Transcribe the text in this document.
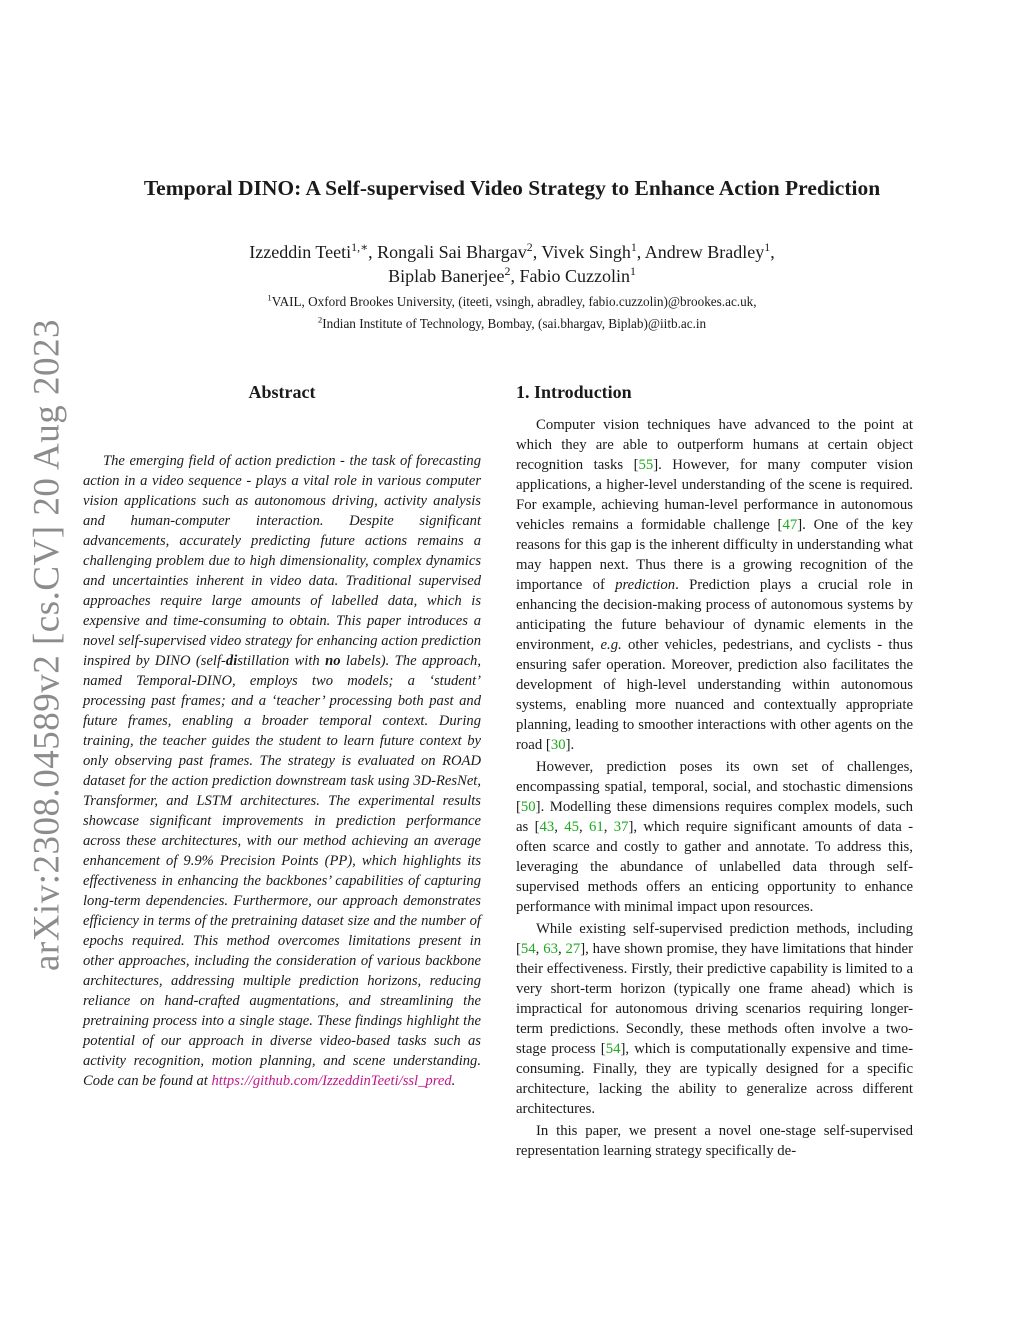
arXiv:2308.04589v2 [cs.CV] 20 Aug 2023
Temporal DINO: A Self-supervised Video Strategy to Enhance Action Prediction
Izzeddin Teeti$^{1,∗}$, Rongali Sai Bhargav$^2$, Vivek Singh$^1$, Andrew Bradley$^1$,
Biplab Banerjee$^2$, Fabio Cuzzolin$^1$
$^1$VAIL, Oxford Brookes University, (iteeti, vsingh, abradley, fabio.cuzzolin)@brookes.ac.uk,
$^2$Indian Institute of Technology, Bombay, (sai.bhargav, Biplab)@iitb.ac.in
Abstract

The emerging field of action prediction - the task of forecasting action in a video sequence - plays a vital role in various computer vision applications such as autonomous driving, activity analysis and human-computer interaction. Despite significant advancements, accurately predicting future actions remains a challenging problem due to high dimensionality, complex dynamics and uncertainties inherent in video data. Traditional supervised approaches require large amounts of labelled data, which is expensive and time-consuming to obtain. This paper introduces a novel self-supervised video strategy for enhancing action prediction inspired by DINO (self-distillation with no labels). The approach, named Temporal-DINO, employs two models; a ‘student’ processing past frames; and a ‘teacher’ processing both past and future frames, enabling a broader temporal context. During training, the teacher guides the student to learn future context by only observing past frames. The strategy is evaluated on ROAD dataset for the action prediction downstream task using 3D-ResNet, Transformer, and LSTM architectures. The experimental results showcase significant improvements in prediction performance across these architectures, with our method achieving an average enhancement of 9.9% Precision Points (PP), which highlights its effectiveness in enhancing the backbones’ capabilities of capturing long-term dependencies. Furthermore, our approach demonstrates efficiency in terms of the pretraining dataset size and the number of epochs required. This method overcomes limitations present in other approaches, including the consideration of various backbone architectures, addressing multiple prediction horizons, reducing reliance on hand-crafted augmentations, and streamlining the pretraining process into a single stage. These findings highlight the potential of our approach in diverse video-based tasks such as activity recognition, motion planning, and scene understanding. Code can be found at https://github.com/IzzeddinTeeti/ssl_pred.

1. Introduction

Computer vision techniques have advanced to the point at which they are able to outperform humans at certain object recognition tasks [55]. However, for many computer vision applications, a higher-level understanding of the scene is required. For example, achieving human-level performance in autonomous vehicles remains a formidable challenge [47]. One of the key reasons for this gap is the inherent difficulty in understanding what may happen next. Thus there is a growing recognition of the importance of prediction. Prediction plays a crucial role in enhancing the decision-making process of autonomous systems by anticipating the future behaviour of dynamic elements in the environment, e.g. other vehicles, pedestrians, and cyclists - thus ensuring safer operation. Moreover, prediction also facilitates the development of high-level understanding within autonomous systems, enabling more nuanced and contextually appropriate planning, leading to smoother interactions with other agents on the road [30].

However, prediction poses its own set of challenges, encompassing spatial, temporal, social, and stochastic dimensions [50]. Modelling these dimensions requires complex models, such as [43, 45, 61, 37], which require significant amounts of data - often scarce and costly to gather and annotate. To address this, leveraging the abundance of unlabelled data through self-supervised methods offers an enticing opportunity to enhance performance with minimal impact upon resources.

While existing self-supervised prediction methods, including [54, 63, 27], have shown promise, they have limitations that hinder their effectiveness. Firstly, their predictive capability is limited to a very short-term horizon (typically one frame ahead) which is impractical for autonomous driving scenarios requiring longer-term predictions. Secondly, these methods often involve a two-stage process [54], which is computationally expensive and time-consuming. Finally, they are typically designed for a specific architecture, lacking the ability to generalize across different architectures.

In this paper, we present a novel one-stage self-supervised representation learning strategy specifically de-
